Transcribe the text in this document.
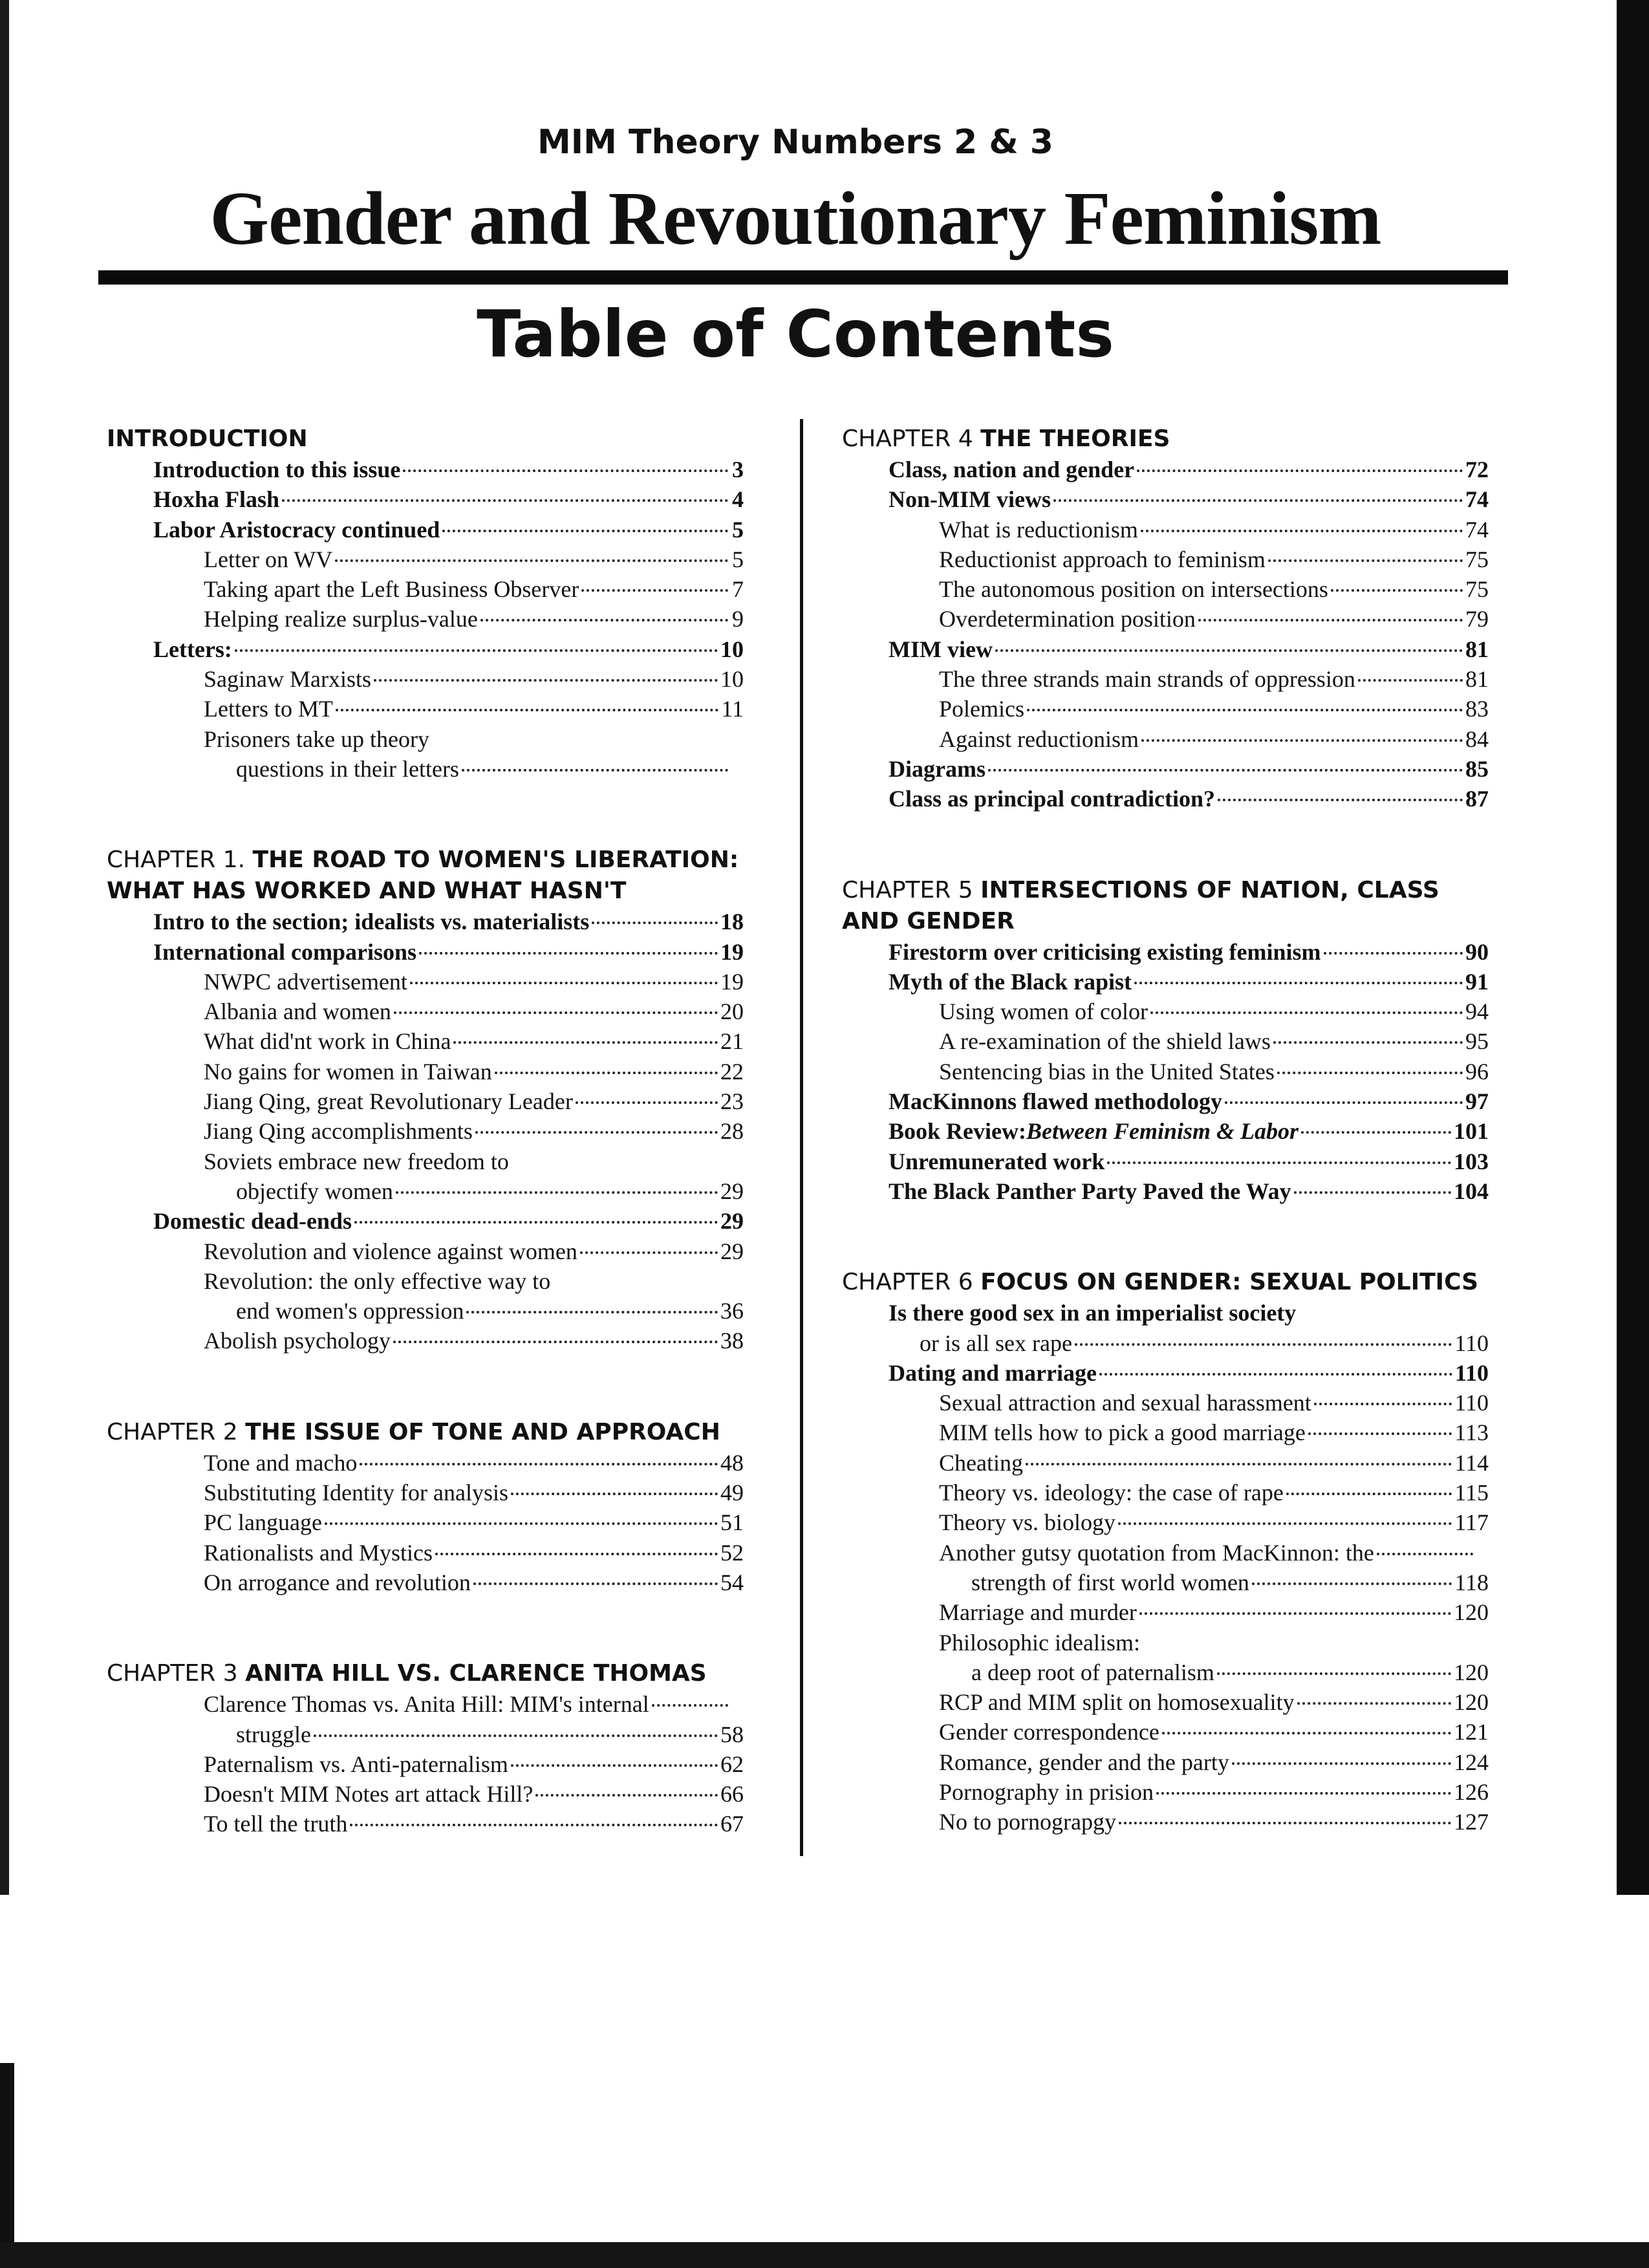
MIM Theory Numbers 2 & 3
Gender and Revoutionary Feminism
Table of Contents
INTRODUCTION
Introduction to this issue	3
Hoxha Flash	4
Labor Aristocracy continued	5
Letter on WV	5
Taking apart the Left Business Observer	7
Helping realize surplus-value	9
Letters:	10
Saginaw Marxists	10
Letters to MT	11
Prisoners take up theory
questions in their letters
CHAPTER 1. THE ROAD TO WOMEN'S LIBERATION:
WHAT HAS WORKED AND WHAT HASN'T
Intro to the section; idealists vs. materialists	18
International comparisons	19
NWPC advertisement	19
Albania and women	20
What did'nt work in China	21
No gains for women in Taiwan	22
Jiang Qing, great Revolutionary Leader	23
Jiang Qing accomplishments	28
Soviets embrace new freedom to
objectify women	29
Domestic dead-ends	29
Revolution and violence against women	29
Revolution: the only effective way to
end women's oppression	36
Abolish psychology	38
CHAPTER 2 THE ISSUE OF TONE AND APPROACH
Tone and macho	48
Substituting Identity for analysis	49
PC language	51
Rationalists and Mystics	52
On arrogance and revolution	54
CHAPTER 3 ANITA HILL VS. CLARENCE THOMAS
Clarence Thomas vs. Anita Hill: MIM's internal
struggle	58
Paternalism vs. Anti-paternalism	62
Doesn't MIM Notes art attack Hill?	66
To tell the truth	67
CHAPTER 4 THE THEORIES
Class, nation and gender	72
Non-MIM views	74
What is reductionism	74
Reductionist approach to feminism	75
The autonomous position on intersections	75
Overdetermination position	79
MIM view	81
The three strands main strands of oppression	81
Polemics	83
Against reductionism	84
Diagrams	85
Class as principal contradiction?	87
CHAPTER 5 INTERSECTIONS OF NATION, CLASS
AND GENDER
Firestorm over criticising existing feminism	90
Myth of the Black rapist	91
Using women of color	94
A re-examination of the shield laws	95
Sentencing bias in the United States	96
MacKinnons flawed methodology	97
Book Review: Between Feminism & Labor	101
Unremunerated work	103
The Black Panther Party Paved the Way	104
CHAPTER 6 FOCUS ON GENDER: SEXUAL POLITICS
Is there good sex in an imperialist society
or is all sex rape	110
Dating and marriage	110
Sexual attraction and sexual harassment	110
MIM tells how to pick a good marriage	113
Cheating	114
Theory vs. ideology: the case of rape	115
Theory vs. biology	117
Another gutsy quotation from MacKinnon: the
strength of first world women	118
Marriage and murder	120
Philosophic idealism:
a deep root of paternalism	120
RCP and MIM split on homosexuality	120
Gender correspondence	121
Romance, gender and the party	124
Pornography in prision	126
No to pornograpgy	127
